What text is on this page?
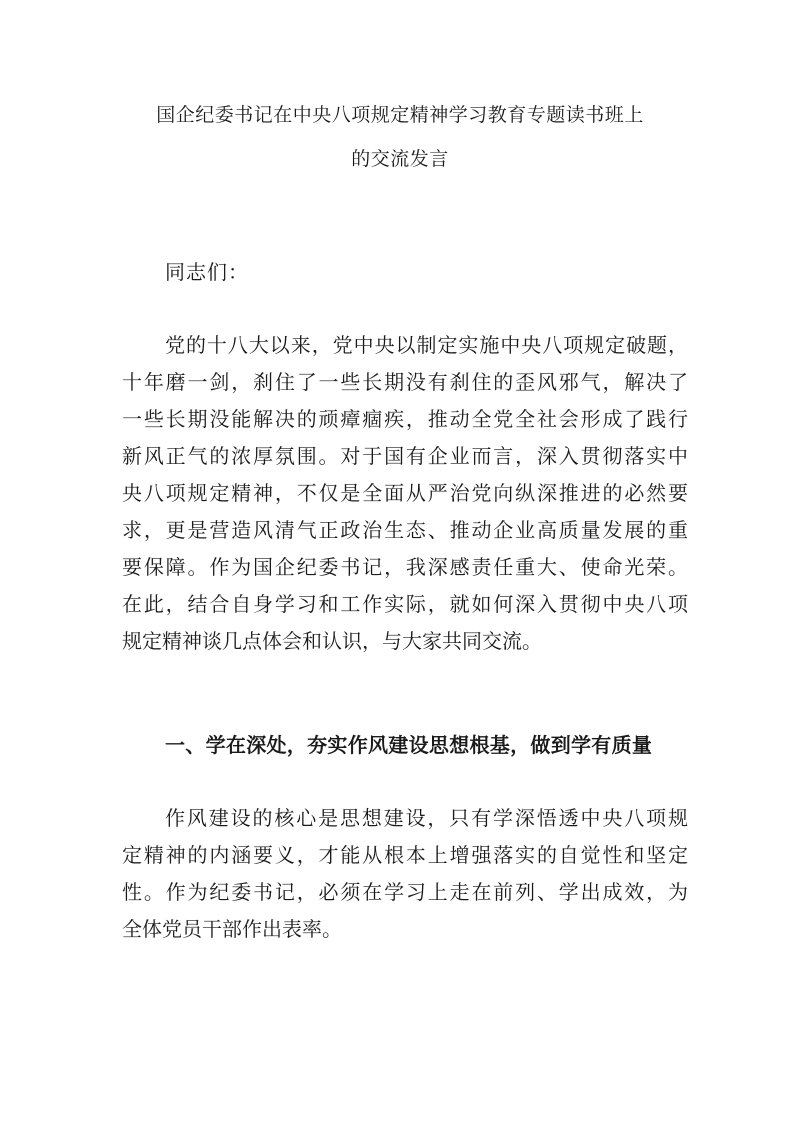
国企纪委书记在中央八项规定精神学习教育专题读书班上
的交流发言
同志们：
党的十八大以来，党中央以制定实施中央八项规定破题，
十年磨一剑，刹住了一些长期没有刹住的歪风邪气，解决了
一些长期没能解决的顽瘴痼疾，推动全党全社会形成了践行
新风正气的浓厚氛围。对于国有企业而言，深入贯彻落实中
央八项规定精神，不仅是全面从严治党向纵深推进的必然要
求，更是营造风清气正政治生态、推动企业高质量发展的重
要保障。作为国企纪委书记，我深感责任重大、使命光荣。
在此，结合自身学习和工作实际，就如何深入贯彻中央八项
规定精神谈几点体会和认识，与大家共同交流。
一、学在深处，夯实作风建设思想根基，做到学有质量
作风建设的核心是思想建设，只有学深悟透中央八项规
定精神的内涵要义，才能从根本上增强落实的自觉性和坚定
性。作为纪委书记，必须在学习上走在前列、学出成效，为
全体党员干部作出表率。
